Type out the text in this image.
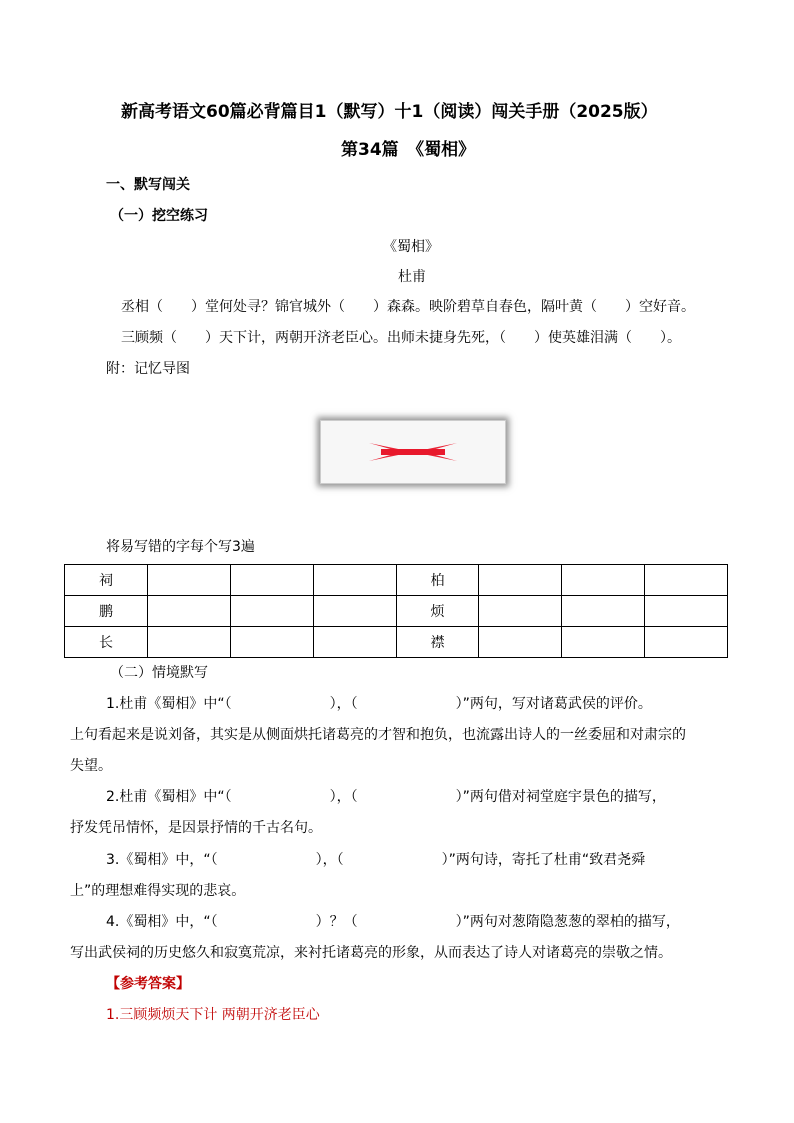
新高考语文60篇必背篇目1（默写）十1（阅读）闯关手册（2025版）
第34篇　《蜀相》
一、默写闯关
（一）挖空练习
《蜀相》
杜甫
丞相（　　）堂何处寻？锦官城外（　　）森森。映阶碧草自春色，隔叶黄（　　）空好音。
三顾频（　　）天下计，两朝开济老臣心。出师未捷身先死，（　　）使英雄泪满（　　）。
附：记忆导图
将易写错的字每个写3遍
祠				柏			
鹏				烦			
长				襟			
（二）情境默写
1.杜甫《蜀相》中“（　　　　　　　），（　　　　　　　）”两句，写对诸葛武侯的评价。
上句看起来是说刘备，其实是从侧面烘托诸葛亮的才智和抱负，也流露出诗人的一丝委屈和对肃宗的
失望。
2.杜甫《蜀相》中“（　　　　　　　），（　　　　　　　）”两句借对祠堂庭宇景色的描写，
抒发凭吊情怀，是因景抒情的千古名句。
3.《蜀相》中，“（　　　　　　　），（　　　　　　　）”两句诗，寄托了杜甫“致君尧舜
上”的理想难得实现的悲哀。
4.《蜀相》中，“（　　　　　　　）？（　　　　　　　）”两句对葱隋隐葱葱的翠柏的描写，
写出武侯祠的历史悠久和寂寞荒凉，来衬托诸葛亮的形象，从而表达了诗人对诸葛亮的崇敬之情。
【参考答案】
1.三顾频烦天下计 两朝开济老臣心
